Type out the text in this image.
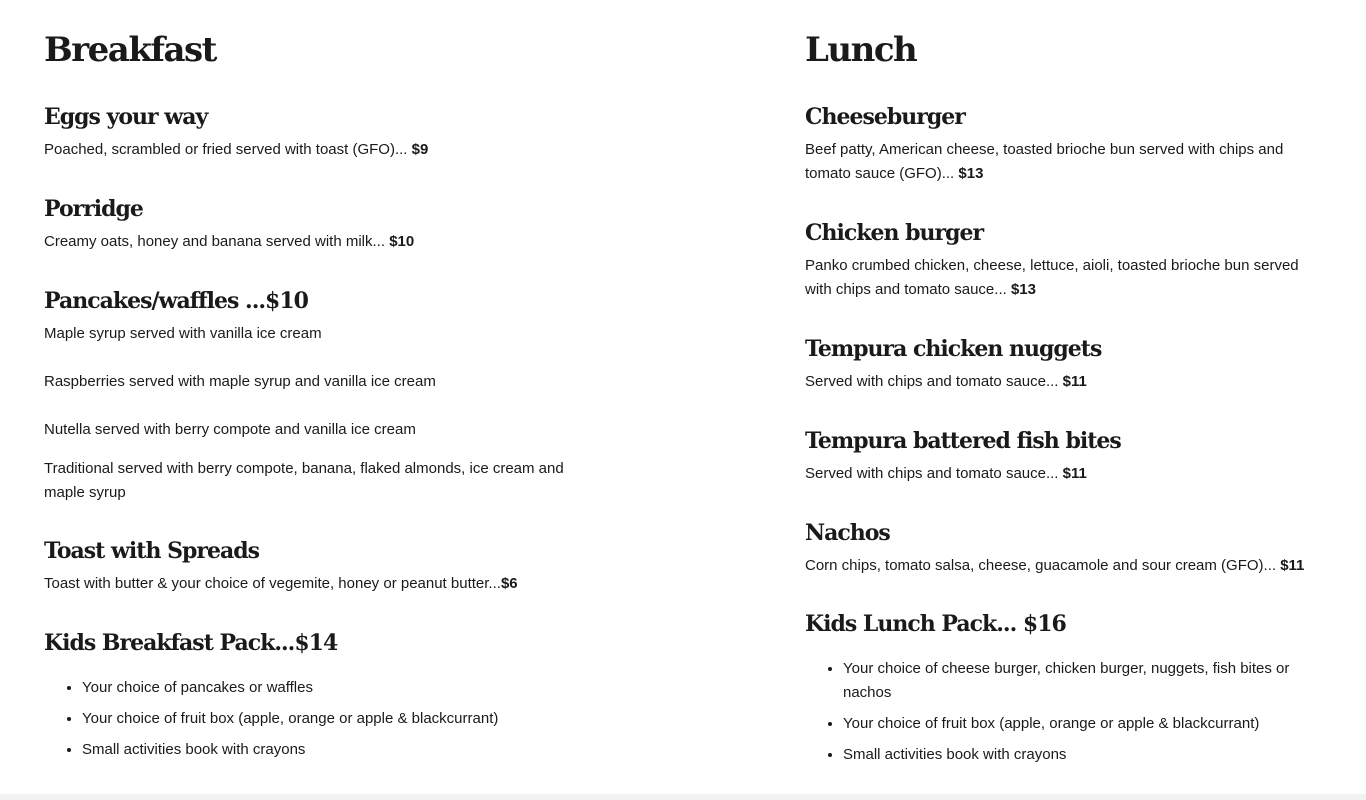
Breakfast
Eggs your way

Poached, scrambled or fried served with toast (GFO)... $9

Porridge

Creamy oats, honey and banana served with milk... $10

Pancakes/waffles ...$10

Maple syrup served with vanilla ice cream

Raspberries served with maple syrup and vanilla ice cream

Nutella served with berry compote and vanilla ice cream

Traditional served with berry compote, banana, flaked almonds, ice cream and maple syrup

Toast with Spreads

Toast with butter & your choice of vegemite, honey or peanut butter...$6

Kids Breakfast Pack...$14
• Your choice of pancakes or waffles
• Your choice of fruit box (apple, orange or apple & blackcurrant)
• Small activities book with crayons
Lunch
Cheeseburger

Beef patty, American cheese, toasted brioche bun served with chips and tomato sauce (GFO)... $13

Chicken burger

Panko crumbed chicken, cheese, lettuce, aioli, toasted brioche bun served with chips and tomato sauce... $13

Tempura chicken nuggets

Served with chips and tomato sauce... $11

Tempura battered fish bites

Served with chips and tomato sauce... $11

Nachos

Corn chips, tomato salsa, cheese, guacamole and sour cream (GFO)... $11

Kids Lunch Pack... $16
• Your choice of cheese burger, chicken burger, nuggets, fish bites or nachos
• Your choice of fruit box (apple, orange or apple & blackcurrant)
• Small activities book with crayons
